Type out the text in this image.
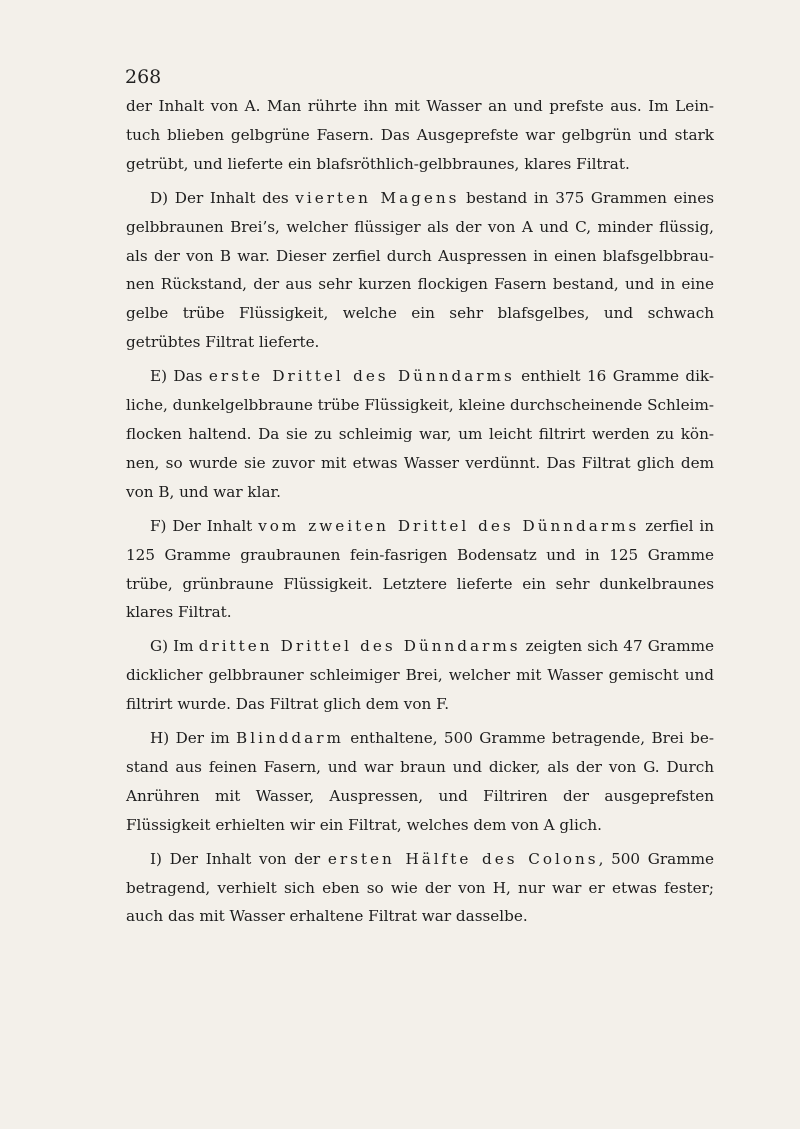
268

der Inhalt von A. Man rührte ihn mit Wasser an und prefste aus. Im Lein- tuch blieben gelbgrüne Fasern. Das Ausgeprefste war gelbgrün und stark getrübt, und lieferte ein blafsröthlich-gelbbraunes, klares Filtrat.

D) Der Inhalt des vierten Magens bestand in 375 Grammen eines gelbbraunen Brei’s, welcher flüssiger als der von A und C, minder flüssig, als der von B war. Dieser zerfiel durch Auspressen in einen blafsgelbbrau- nen Rückstand, der aus sehr kurzen flockigen Fasern bestand, und in eine gelbe trübe Flüssigkeit, welche ein sehr blafsgelbes, und schwach getrübtes Filtrat lieferte.

E) Das erste Drittel des Dünndarms enthielt 16 Gramme dik- liche, dunkelgelbbraune trübe Flüssigkeit, kleine durchscheinende Schleim- flocken haltend. Da sie zu schleimig war, um leicht filtrirt werden zu kön- nen, so wurde sie zuvor mit etwas Wasser verdünnt. Das Filtrat glich dem von B, und war klar.

F) Der Inhalt vom zweiten Drittel des Dünndarms zerfiel in 125 Gramme graubraunen fein-fasrigen Bodensatz und in 125 Gramme trübe, grünbraune Flüssigkeit. Letztere lieferte ein sehr dunkelbraunes klares Filtrat.

G) Im dritten Drittel des Dünndarms zeigten sich 47 Gramme dicklicher gelbbrauner schleimiger Brei, welcher mit Wasser gemischt und filtrirt wurde. Das Filtrat glich dem von F.

H) Der im Blinddarm enthaltene, 500 Gramme betragende, Brei be- stand aus feinen Fasern, und war braun und dicker, als der von G. Durch Anrühren mit Wasser, Auspressen, und Filtriren der ausgeprefsten Flüssigkeit erhielten wir ein Filtrat, welches dem von A glich.

I) Der Inhalt von der ersten Hälfte des Colons, 500 Gramme betragend, verhielt sich eben so wie der von H, nur war er etwas fester; auch das mit Wasser erhaltene Filtrat war dasselbe.
